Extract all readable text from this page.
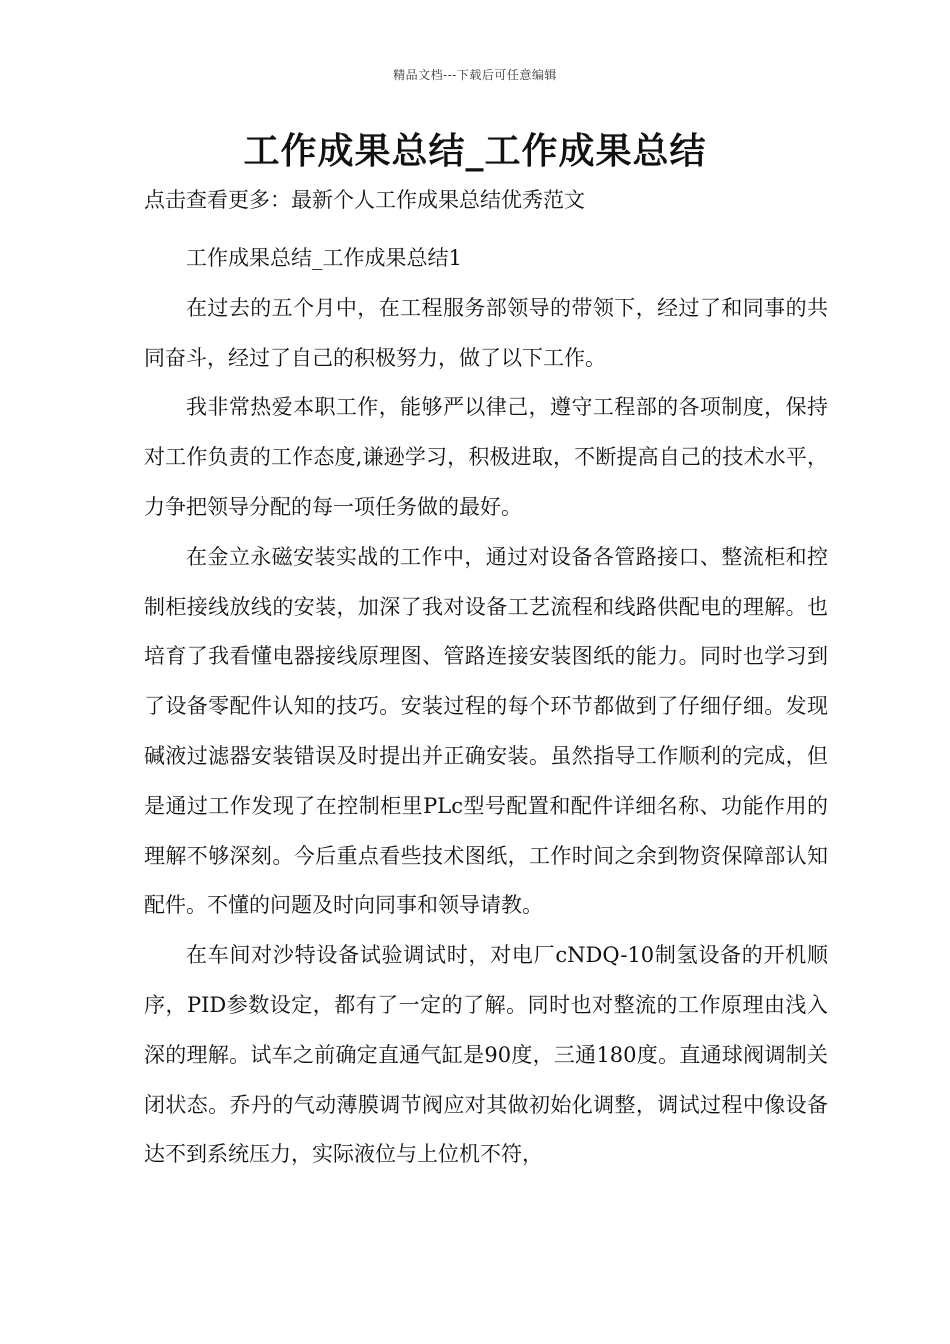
精品文档---下载后可任意编辑
工作成果总结_工作成果总结
点击查看更多：最新个人工作成果总结优秀范文

工作成果总结_工作成果总结1

在过去的五个月中，在工程服务部领导的带领下，经过了和同事的共同奋斗，经过了自己的积极努力，做了以下工作。

我非常热爱本职工作，能够严以律己，遵守工程部的各项制度，保持对工作负责的工作态度,谦逊学习，积极进取，不断提高自己的技术水平，力争把领导分配的每一项任务做的最好。

在金立永磁安装实战的工作中，通过对设备各管路接口、整流柜和控制柜接线放线的安装，加深了我对设备工艺流程和线路供配电的理解。也培育了我看懂电器接线原理图、管路连接安装图纸的能力。同时也学习到了设备零配件认知的技巧。安装过程的每个环节都做到了仔细仔细。发现碱液过滤器安装错误及时提出并正确安装。虽然指导工作顺利的完成，但是通过工作发现了在控制柜里PLc型号配置和配件详细名称、功能作用的理解不够深刻。今后重点看些技术图纸，工作时间之余到物资保障部认知配件。不懂的问题及时向同事和领导请教。

在车间对沙特设备试验调试时，对电厂cNDQ-10制氢设备的开机顺序，PID参数设定，都有了一定的了解。同时也对整流的工作原理由浅入深的理解。试车之前确定直通气缸是90度，三通180度。直通球阀调制关闭状态。乔丹的气动薄膜调节阀应对其做初始化调整，调试过程中像设备达不到系统压力，实际液位与上位机不符，
